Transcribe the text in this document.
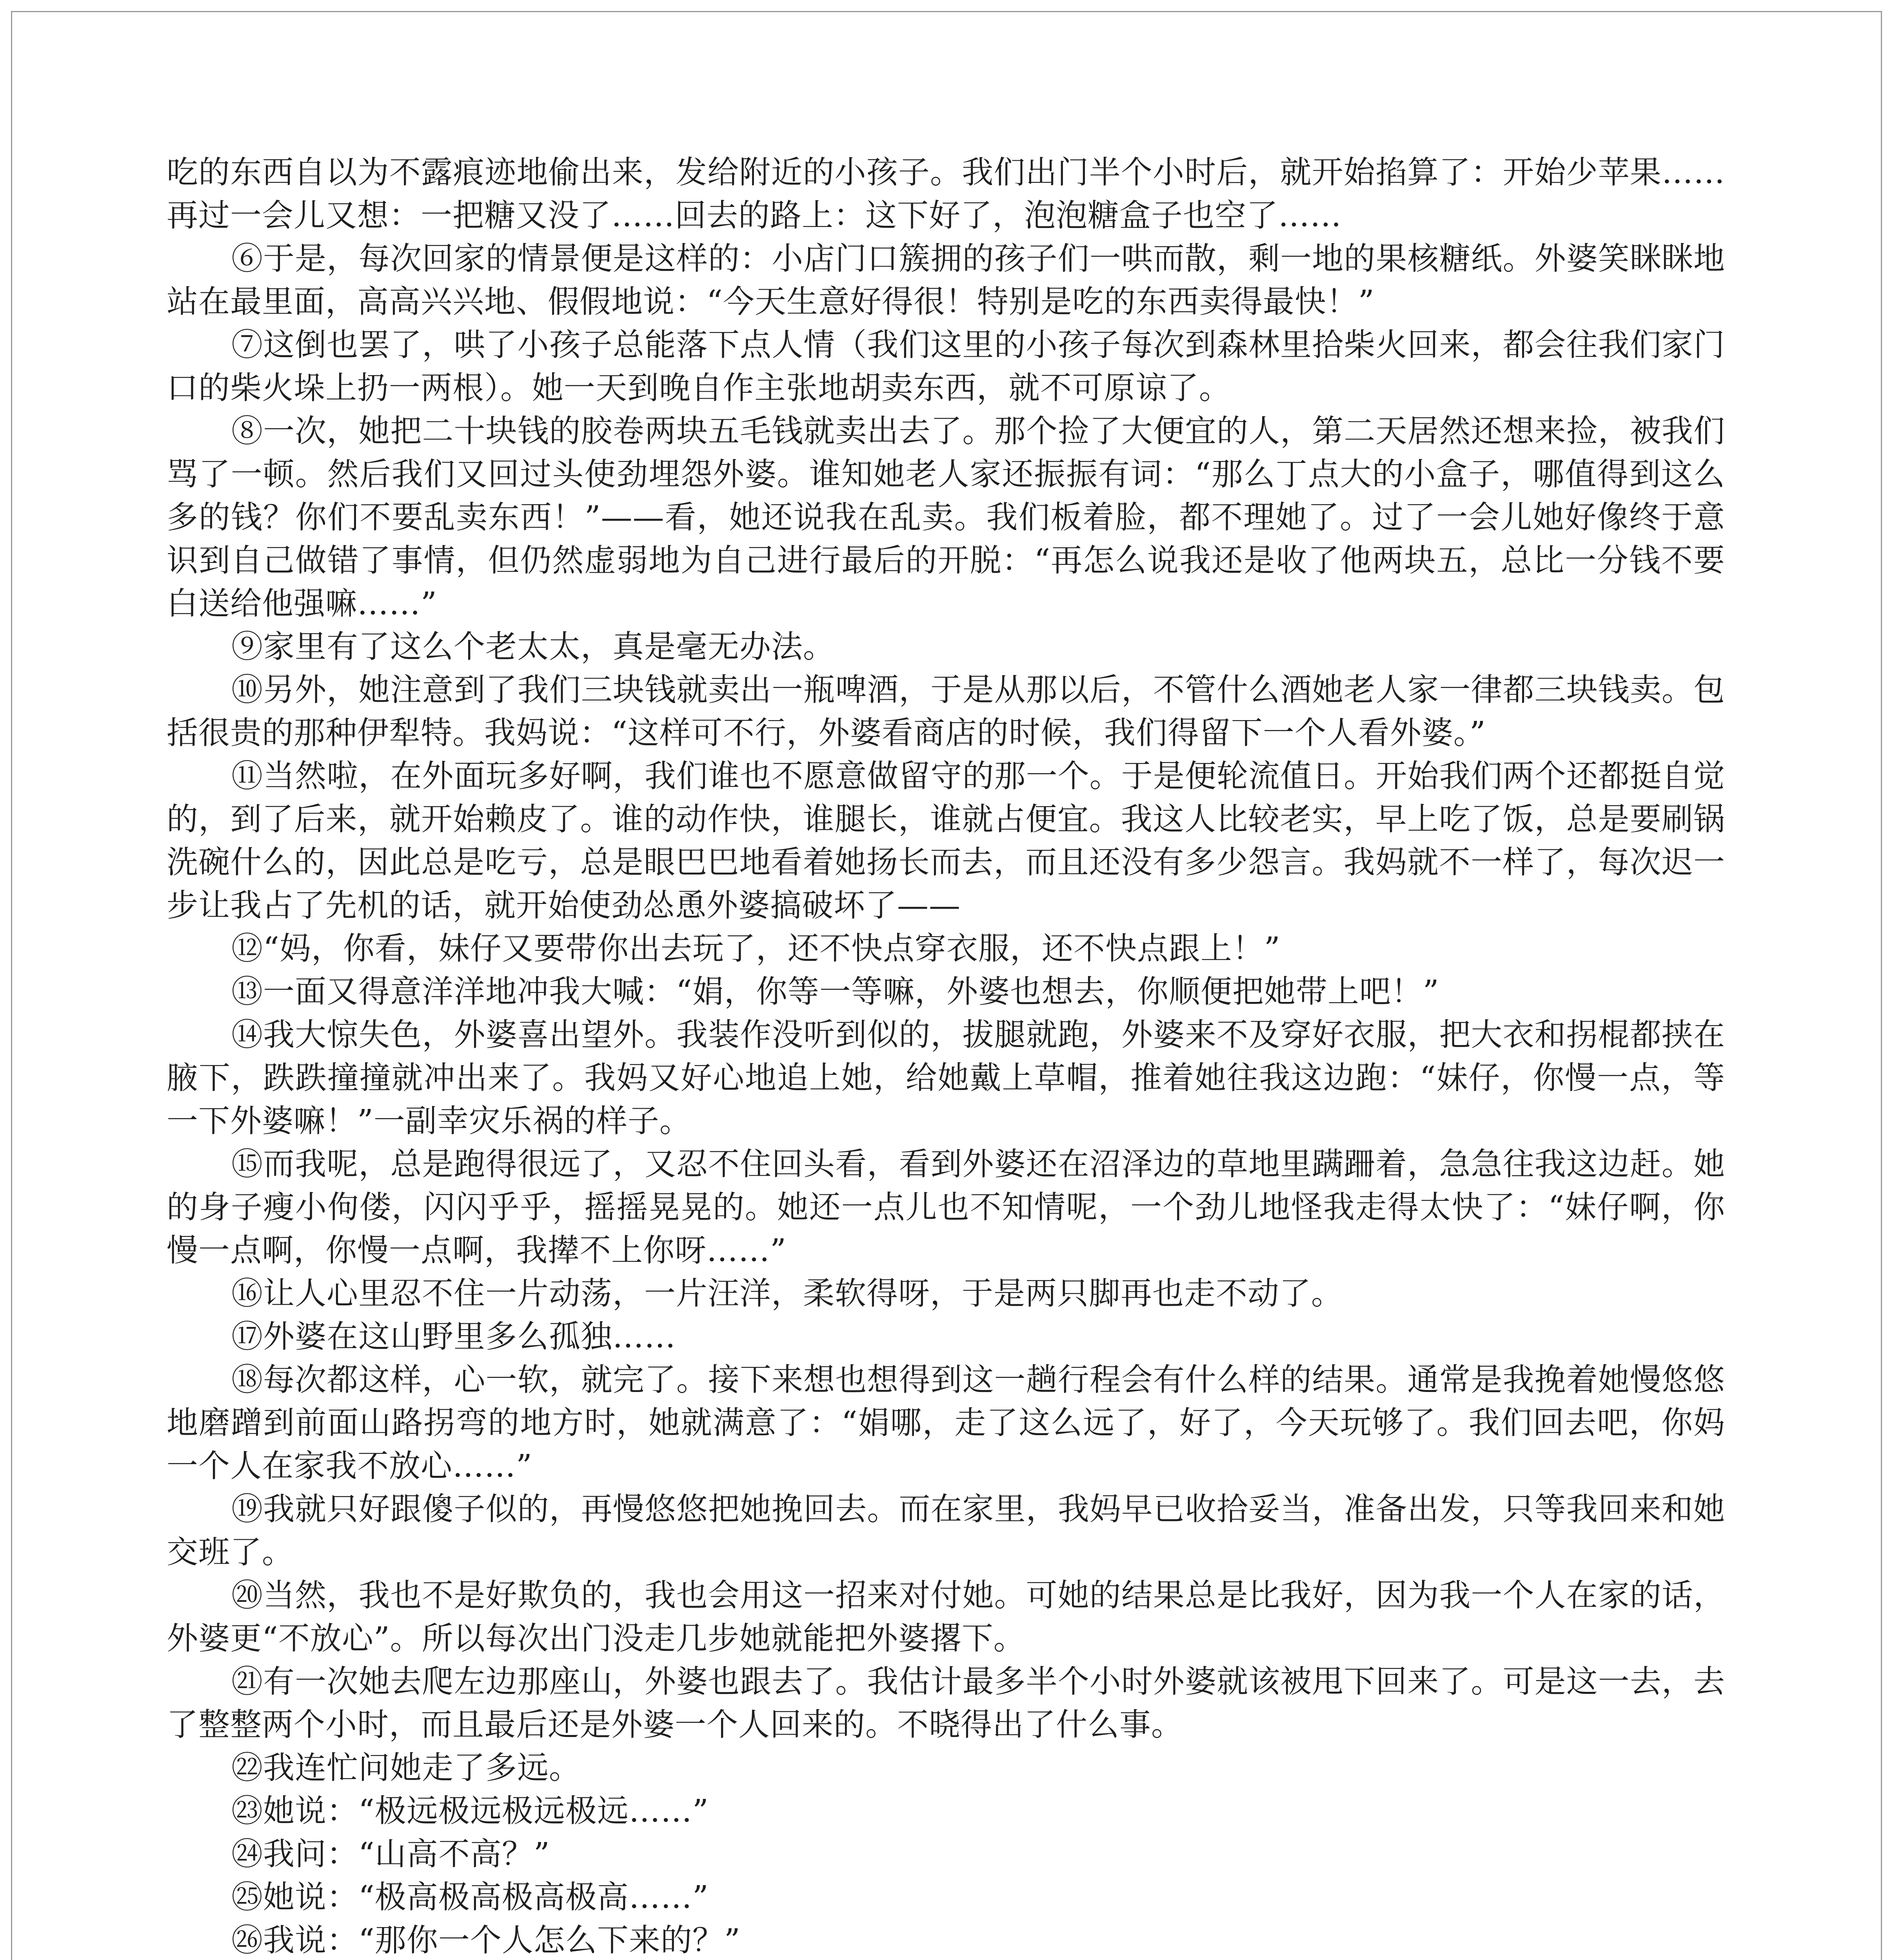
吃的东西自以为不露痕迹地偷出来，发给附近的小孩子。我们出门半个小时后，就开始掐算了：开始少苹果……再过一会儿又想：一把糖又没了……回去的路上：这下好了，泡泡糖盒子也空了……

⑥于是，每次回家的情景便是这样的：小店门口簇拥的孩子们一哄而散，剩一地的果核糖纸。外婆笑眯眯地站在最里面，高高兴兴地、假假地说：“今天生意好得很！特别是吃的东西卖得最快！”

⑦这倒也罢了，哄了小孩子总能落下点人情（我们这里的小孩子每次到森林里拾柴火回来，都会往我们家门口的柴火垛上扔一两根）。她一天到晚自作主张地胡卖东西，就不可原谅了。

⑧一次，她把二十块钱的胶卷两块五毛钱就卖出去了。那个捡了大便宜的人，第二天居然还想来捡，被我们骂了一顿。然后我们又回过头使劲埋怨外婆。谁知她老人家还振振有词：“那么丁点大的小盒子，哪值得到这么多的钱？你们不要乱卖东西！”——看，她还说我在乱卖。我们板着脸，都不理她了。过了一会儿她好像终于意识到自己做错了事情，但仍然虚弱地为自己进行最后的开脱：“再怎么说我还是收了他两块五，总比一分钱不要白送给他强嘛……”

⑨家里有了这么个老太太，真是毫无办法。

⑩另外，她注意到了我们三块钱就卖出一瓶啤酒，于是从那以后，不管什么酒她老人家一律都三块钱卖。包括很贵的那种伊犁特。我妈说：“这样可不行，外婆看商店的时候，我们得留下一个人看外婆。”

⑪当然啦，在外面玩多好啊，我们谁也不愿意做留守的那一个。于是便轮流值日。开始我们两个还都挺自觉的，到了后来，就开始赖皮了。谁的动作快，谁腿长，谁就占便宜。我这人比较老实，早上吃了饭，总是要刷锅洗碗什么的，因此总是吃亏，总是眼巴巴地看着她扬长而去，而且还没有多少怨言。我妈就不一样了，每次迟一步让我占了先机的话，就开始使劲怂恿外婆搞破坏了——

⑫“妈，你看，妹仔又要带你出去玩了，还不快点穿衣服，还不快点跟上！”

⑬一面又得意洋洋地冲我大喊：“娟，你等一等嘛，外婆也想去，你顺便把她带上吧！”

⑭我大惊失色，外婆喜出望外。我装作没听到似的，拔腿就跑，外婆来不及穿好衣服，把大衣和拐棍都挟在腋下，跌跌撞撞就冲出来了。我妈又好心地追上她，给她戴上草帽，推着她往我这边跑：“妹仔，你慢一点，等一下外婆嘛！”一副幸灾乐祸的样子。

⑮而我呢，总是跑得很远了，又忍不住回头看，看到外婆还在沼泽边的草地里蹒跚着，急急往我这边赶。她的身子瘦小佝偻，闪闪乎乎，摇摇晃晃的。她还一点儿也不知情呢，一个劲儿地怪我走得太快了：“妹仔啊，你慢一点啊，你慢一点啊，我撵不上你呀……”

⑯让人心里忍不住一片动荡，一片汪洋，柔软得呀，于是两只脚再也走不动了。

⑰外婆在这山野里多么孤独……

⑱每次都这样，心一软，就完了。接下来想也想得到这一趟行程会有什么样的结果。通常是我挽着她慢悠悠地磨蹭到前面山路拐弯的地方时，她就满意了：“娟哪，走了这么远了，好了，今天玩够了。我们回去吧，你妈一个人在家我不放心……”

⑲我就只好跟傻子似的，再慢悠悠把她挽回去。而在家里，我妈早已收拾妥当，准备出发，只等我回来和她交班了。

⑳当然，我也不是好欺负的，我也会用这一招来对付她。可她的结果总是比我好，因为我一个人在家的话，外婆更“不放心”。所以每次出门没走几步她就能把外婆撂下。

㉑有一次她去爬左边那座山，外婆也跟去了。我估计最多半个小时外婆就该被甩下回来了。可是这一去，去了整整两个小时，而且最后还是外婆一个人回来的。不晓得出了什么事。

㉒我连忙问她走了多远。

㉓她说：“极远极远极远极远……”

㉔我问：“山高不高？”

㉕她说：“极高极高极高极高……”

㉖我说：“那你一个人怎么下来的？”
